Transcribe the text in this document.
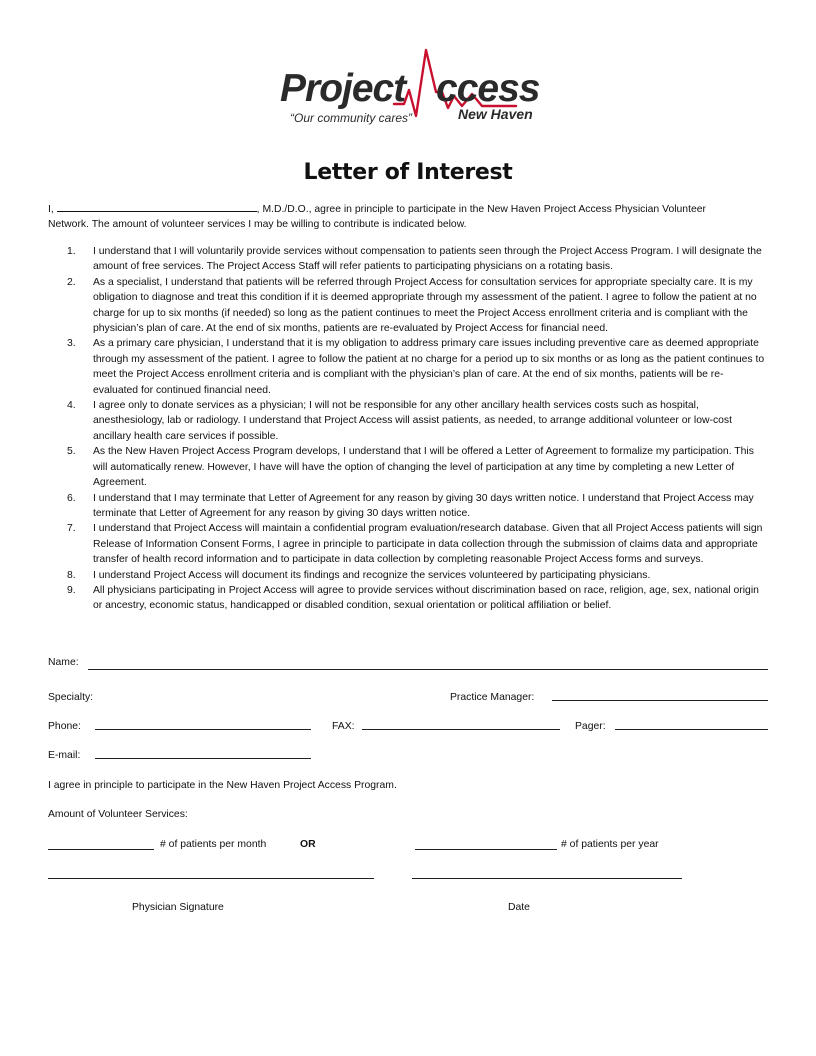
Project ccess
New Haven
“Our community cares”
Letter of Interest

I,	, M.D./D.O., agree in principle to participate in the New Haven Project Access Physician Volunteer Network. The amount of volunteer services I may be willing to contribute is indicated below.

1. I understand that I will voluntarily provide services without compensation to patients seen through the Project Access Program. I will designate the amount of free services. The Project Access Staff will refer patients to participating physicians on a rotating basis.
2. As a specialist, I understand that patients will be referred through Project Access for consultation services for appropriate specialty care. It is my obligation to diagnose and treat this condition if it is deemed appropriate through my assessment of the patient. I agree to follow the patient at no charge for up to six months (if needed) so long as the patient continues to meet the Project Access enrollment criteria and is compliant with the physician’s plan of care. At the end of six months, patients are re-evaluated by Project Access for financial need.
3. As a primary care physician, I understand that it is my obligation to address primary care issues including preventive care as deemed appropriate through my assessment of the patient. I agree to follow the patient at no charge for a period up to six months or as long as the patient continues to meet the Project Access enrollment criteria and is compliant with the physician’s plan of care. At the end of six months, patients will be re-evaluated for continued financial need.
4. I agree only to donate services as a physician; I will not be responsible for any other ancillary health services costs such as hospital, anesthesiology, lab or radiology. I understand that Project Access will assist patients, as needed, to arrange additional volunteer or low-cost ancillary health care services if possible.
5. As the New Haven Project Access Program develops, I understand that I will be offered a Letter of Agreement to formalize my participation. This will automatically renew. However, I have will have the option of changing the level of participation at any time by completing a new Letter of Agreement.
6. I understand that I may terminate that Letter of Agreement for any reason by giving 30 days written notice. I understand that Project Access may terminate that Letter of Agreement for any reason by giving 30 days written notice.
7. I understand that Project Access will maintain a confidential program evaluation/research database. Given that all Project Access patients will sign Release of Information Consent Forms, I agree in principle to participate in data collection through the submission of claims data and appropriate transfer of health record information and to participate in data collection by completing reasonable Project Access forms and surveys.
8. I understand Project Access will document its findings and recognize the services volunteered by participating physicians.
9. All physicians participating in Project Access will agree to provide services without discrimination based on race, religion, age, sex, national origin or ancestry, economic status, handicapped or disabled condition, sexual orientation or political affiliation or belief.
Name:
Specialty:	Practice Manager:
Phone:	FAX:	Pager:
E-mail:
I agree in principle to participate in the New Haven Project Access Program.
Amount of Volunteer Services:
# of patients per month	OR	# of patients per year
Physician Signature	Date
